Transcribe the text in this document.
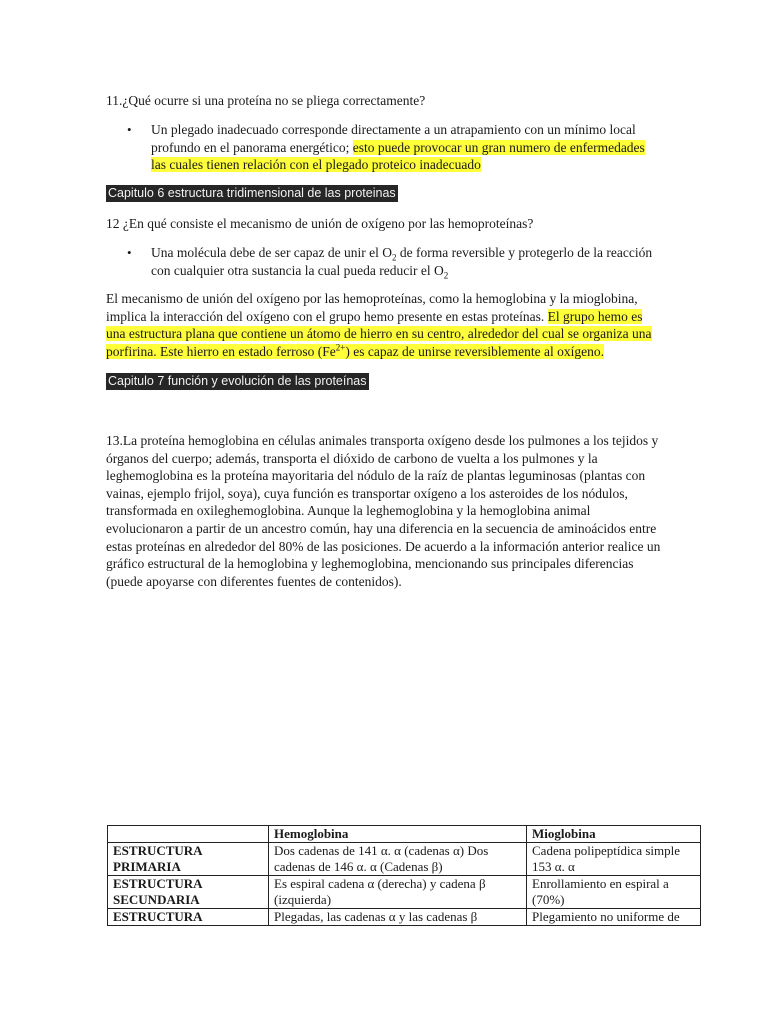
11.¿Qué ocurre si una proteína no se pliega correctamente?
•	Un plegado inadecuado corresponde directamente a un atrapamiento con un mínimo local profundo en el panorama energético; esto puede provocar un gran numero de enfermedades las cuales tienen relación con el plegado proteico inadecuado
Capitulo 6 estructura tridimensional de las proteinas
12 ¿En qué consiste el mecanismo de unión de oxígeno por las hemoproteínas?
•	Una molécula debe de ser capaz de unir el $O_2$ de forma reversible y protegerlo de la reacción con cualquier otra sustancia la cual pueda reducir el $O_2$
El mecanismo de unión del oxígeno por las hemoproteínas, como la hemoglobina y la mioglobina, implica la interacción del oxígeno con el grupo hemo presente en estas proteínas. El grupo hemo es una estructura plana que contiene un átomo de hierro en su centro, alrededor del cual se organiza una porfirina. Este hierro en estado ferroso $(Fe^{2+})$ es capaz de unirse reversiblemente al oxígeno.
Capitulo 7 función y evolución de las proteínas
13.La proteína hemoglobina en células animales transporta oxígeno desde los pulmones a los tejidos y órganos del cuerpo; además, transporta el dióxido de carbono de vuelta a los pulmones y la leghemoglobina es la proteína mayoritaria del nódulo de la raíz de plantas leguminosas (plantas con vainas, ejemplo frijol, soya), cuya función es transportar oxígeno a los asteroides de los nódulos, transformada en oxileghemoglobina. Aunque la leghemoglobina y la hemoglobina animal evolucionaron a partir de un ancestro común, hay una diferencia en la secuencia de aminoácidos entre estas proteínas en alrededor del 80% de las posiciones. De acuerdo a la información anterior realice un gráfico estructural de la hemoglobina y leghemoglobina, mencionando sus principales diferencias (puede apoyarse con diferentes fuentes de contenidos).
	Hemoglobina	Mioglobina
ESTRUCTURA PRIMARIA	Dos cadenas de 141 α. α (cadenas α) Dos cadenas de 146 α. α (Cadenas β)	Cadena polipeptídica simple 153 α. α
ESTRUCTURA SECUNDARIA	Es espiral cadena α (derecha) y cadena β (izquierda)	Enrollamiento en espiral a (70%)
ESTRUCTURA	Plegadas, las cadenas α y las cadenas β	Plegamiento no uniforme de
